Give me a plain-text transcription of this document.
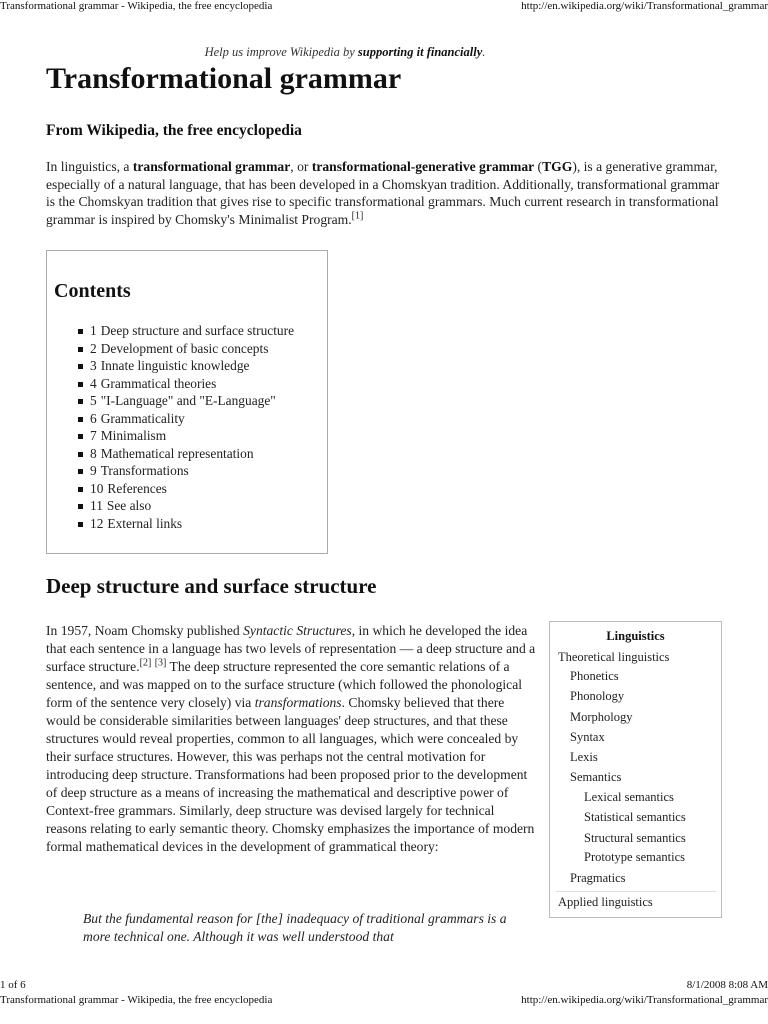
Transformational grammar - Wikipedia, the free encyclopedia	http://en.wikipedia.org/wiki/Transformational_grammar
Help us improve Wikipedia by supporting it financially.
Transformational grammar
From Wikipedia, the free encyclopedia
In linguistics, a transformational grammar, or transformational-generative grammar (TGG), is a generative grammar, especially of a natural language, that has been developed in a Chomskyan tradition. Additionally, transformational grammar is the Chomskyan tradition that gives rise to specific transformational grammars. Much current research in transformational grammar is inspired by Chomsky's Minimalist Program.[1]
Contents
1 Deep structure and surface structure
2 Development of basic concepts
3 Innate linguistic knowledge
4 Grammatical theories
5 "I-Language" and "E-Language"
6 Grammaticality
7 Minimalism
8 Mathematical representation
9 Transformations
10 References
11 See also
12 External links
Deep structure and surface structure
In 1957, Noam Chomsky published Syntactic Structures, in which he developed the idea that each sentence in a language has two levels of representation — a deep structure and a surface structure.[2] [3] The deep structure represented the core semantic relations of a sentence, and was mapped on to the surface structure (which followed the phonological form of the sentence very closely) via transformations. Chomsky believed that there would be considerable similarities between languages' deep structures, and that these structures would reveal properties, common to all languages, which were concealed by their surface structures. However, this was perhaps not the central motivation for introducing deep structure. Transformations had been proposed prior to the development of deep structure as a means of increasing the mathematical and descriptive power of Context-free grammars. Similarly, deep structure was devised largely for technical reasons relating to early semantic theory. Chomsky emphasizes the importance of modern formal mathematical devices in the development of grammatical theory:
But the fundamental reason for [the] inadequacy of traditional grammars is a more technical one. Although it was well understood that
Linguistics
Theoretical linguistics
Phonetics
Phonology
Morphology
Syntax
Lexis
Semantics
Lexical semantics
Statistical semantics
Structural semantics
Prototype semantics
Pragmatics
Applied linguistics
1 of 6	8/1/2008 8:08 AM
Transformational grammar - Wikipedia, the free encyclopedia	http://en.wikipedia.org/wiki/Transformational_grammar
